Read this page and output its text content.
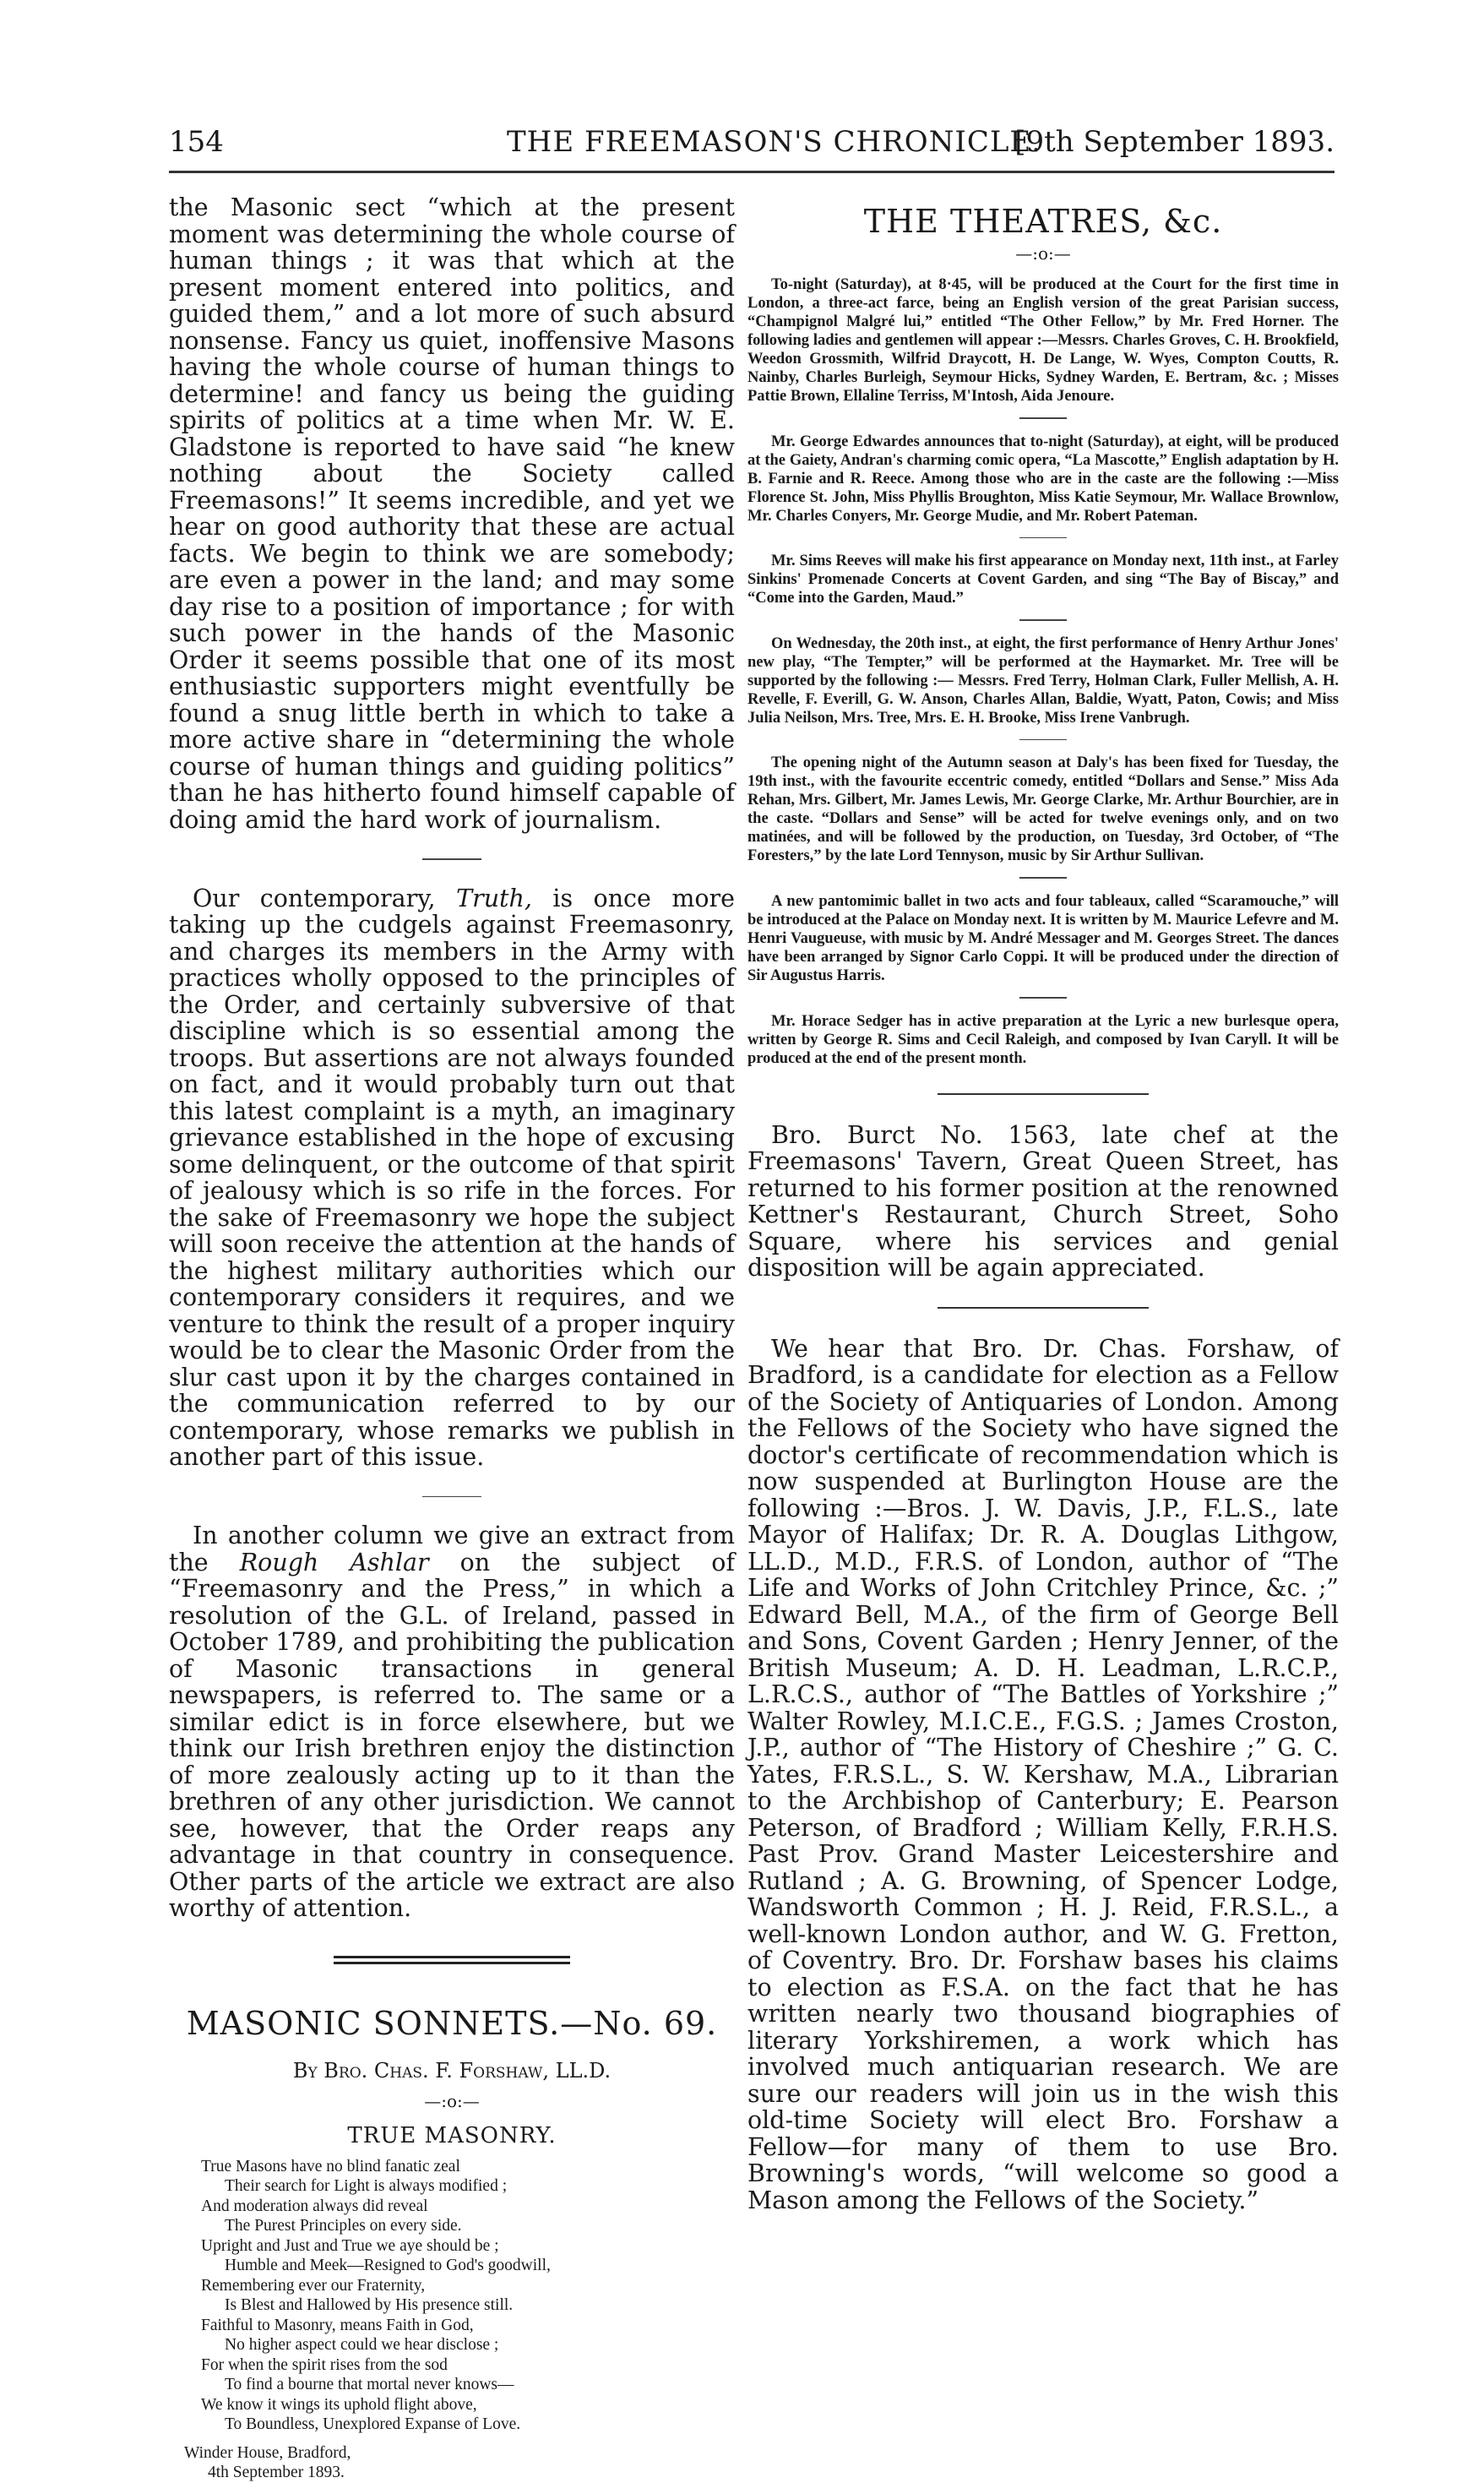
154	THE FREEMASON'S CHRONICLE.
[9th September 1893.

the Masonic sect “which at the present moment was determining the whole course of human things ; it was that which at the present moment entered into politics, and guided them,” and a lot more of such absurd nonsense. Fancy us quiet, inoffensive Masons having the whole course of human things to determine! and fancy us being the guiding spirits of politics at a time when Mr. W. E. Gladstone is reported to have said “he knew nothing about the Society called Freemasons!” It seems incredible, and yet we hear on good authority that these are actual facts. We begin to think we are somebody; are even a power in the land; and may some day rise to a position of importance ; for with such power in the hands of the Masonic Order it seems possible that one of its most enthusiastic supporters might eventfully be found a snug little berth in which to take a more active share in “determining the whole course of human things and guiding politics” than he has hitherto found himself capable of doing amid the hard work of journalism.

Our contemporary, Truth, is once more taking up the cudgels against Freemasonry, and charges its members in the Army with practices wholly opposed to the principles of the Order, and certainly subversive of that discipline which is so essential among the troops. But assertions are not always founded on fact, and it would probably turn out that this latest complaint is a myth, an imaginary grievance established in the hope of excusing some delinquent, or the outcome of that spirit of jealousy which is so rife in the forces. For the sake of Freemasonry we hope the subject will soon receive the attention at the hands of the highest military authorities which our contemporary considers it requires, and we venture to think the result of a proper inquiry would be to clear the Masonic Order from the slur cast upon it by the charges contained in the communication referred to by our contemporary, whose remarks we publish in another part of this issue.

In another column we give an extract from the Rough Ashlar on the subject of “Freemasonry and the Press,” in which a resolution of the G.L. of Ireland, passed in October 1789, and prohibiting the publication of Masonic transactions in general newspapers, is referred to. The same or a similar edict is in force elsewhere, but we think our Irish brethren enjoy the distinction of more zealously acting up to it than the brethren of any other jurisdiction. We cannot see, however, that the Order reaps any advantage in that country in consequence. Other parts of the article we extract are also worthy of attention.

MASONIC SONNETS.—No. 69.
By Bro. Chas. F. Forshaw, LL.D.
—:o:—
TRUE MASONRY.
True Masons have no blind fanatic zeal
Their search for Light is always modified ;
And moderation always did reveal
The Purest Principles on every side.
Upright and Just and True we aye should be ;
Humble and Meek—Resigned to God's goodwill,
Remembering ever our Fraternity,
Is Blest and Hallowed by His presence still.
Faithful to Masonry, means Faith in God,
No higher aspect could we hear disclose ;
For when the spirit rises from the sod
To find a bourne that mortal never knows—
We know it wings its uphold flight above,
To Boundless, Unexplored Expanse of Love.
Winder House, Bradford,
4th September 1893.
THE THEATRES, &c.
—:o:—

To-night (Saturday), at 8·45, will be produced at the Court for the first time in London, a three-act farce, being an English version of the great Parisian success, “Champignol Malgré lui,” entitled “The Other Fellow,” by Mr. Fred Horner. The following ladies and gentlemen will appear :—Messrs. Charles Groves, C. H. Brookfield, Weedon Grossmith, Wilfrid Draycott, H. De Lange, W. Wyes, Compton Coutts, R. Nainby, Charles Burleigh, Seymour Hicks, Sydney Warden, E. Bertram, &c. ; Misses Pattie Brown, Ellaline Terriss, M'Intosh, Aida Jenoure.

Mr. George Edwardes announces that to-night (Saturday), at eight, will be produced at the Gaiety, Andran's charming comic opera, “La Mascotte,” English adaptation by H. B. Farnie and R. Reece. Among those who are in the caste are the following :—Miss Florence St. John, Miss Phyllis Broughton, Miss Katie Seymour, Mr. Wallace Brownlow, Mr. Charles Conyers, Mr. George Mudie, and Mr. Robert Pateman.

Mr. Sims Reeves will make his first appearance on Monday next, 11th inst., at Farley Sinkins' Promenade Concerts at Covent Garden, and sing “The Bay of Biscay,” and “Come into the Garden, Maud.”

On Wednesday, the 20th inst., at eight, the first performance of Henry Arthur Jones' new play, “The Tempter,” will be performed at the Haymarket. Mr. Tree will be supported by the following :— Messrs. Fred Terry, Holman Clark, Fuller Mellish, A. H. Revelle, F. Everill, G. W. Anson, Charles Allan, Baldie, Wyatt, Paton, Cowis; and Miss Julia Neilson, Mrs. Tree, Mrs. E. H. Brooke, Miss Irene Vanbrugh.

The opening night of the Autumn season at Daly's has been fixed for Tuesday, the 19th inst., with the favourite eccentric comedy, entitled “Dollars and Sense.” Miss Ada Rehan, Mrs. Gilbert, Mr. James Lewis, Mr. George Clarke, Mr. Arthur Bourchier, are in the caste. “Dollars and Sense” will be acted for twelve evenings only, and on two matinées, and will be followed by the production, on Tuesday, 3rd October, of “The Foresters,” by the late Lord Tennyson, music by Sir Arthur Sullivan.

A new pantomimic ballet in two acts and four tableaux, called “Scaramouche,” will be introduced at the Palace on Monday next. It is written by M. Maurice Lefevre and M. Henri Vaugueuse, with music by M. André Messager and M. Georges Street. The dances have been arranged by Signor Carlo Coppi. It will be produced under the direction of Sir Augustus Harris.

Mr. Horace Sedger has in active preparation at the Lyric a new burlesque opera, written by George R. Sims and Cecil Raleigh, and composed by Ivan Caryll. It will be produced at the end of the present month.

Bro. Burct No. 1563, late chef at the Freemasons' Tavern, Great Queen Street, has returned to his former position at the renowned Kettner's Restaurant, Church Street, Soho Square, where his services and genial disposition will be again appreciated.

We hear that Bro. Dr. Chas. Forshaw, of Bradford, is a candidate for election as a Fellow of the Society of Antiquaries of London. Among the Fellows of the Society who have signed the doctor's certificate of recommendation which is now suspended at Burlington House are the following :—Bros. J. W. Davis, J.P., F.L.S., late Mayor of Halifax; Dr. R. A. Douglas Lithgow, LL.D., M.D., F.R.S. of London, author of “The Life and Works of John Critchley Prince, &c. ;” Edward Bell, M.A., of the firm of George Bell and Sons, Covent Garden ; Henry Jenner, of the British Museum; A. D. H. Leadman, L.R.C.P., L.R.C.S., author of “The Battles of Yorkshire ;” Walter Rowley, M.I.C.E., F.G.S. ; James Croston, J.P., author of “The History of Cheshire ;” G. C. Yates, F.R.S.L., S. W. Kershaw, M.A., Librarian to the Archbishop of Canterbury; E. Pearson Peterson, of Bradford ; William Kelly, F.R.H.S. Past Prov. Grand Master Leicestershire and Rutland ; A. G. Browning, of Spencer Lodge, Wandsworth Common ; H. J. Reid, F.R.S.L., a well-known London author, and W. G. Fretton, of Coventry. Bro. Dr. Forshaw bases his claims to election as F.S.A. on the fact that he has written nearly two thousand biographies of literary Yorkshiremen, a work which has involved much antiquarian research. We are sure our readers will join us in the wish this old-time Society will elect Bro. Forshaw a Fellow—for many of them to use Bro. Browning's words, “will welcome so good a Mason among the Fellows of the Society.”
